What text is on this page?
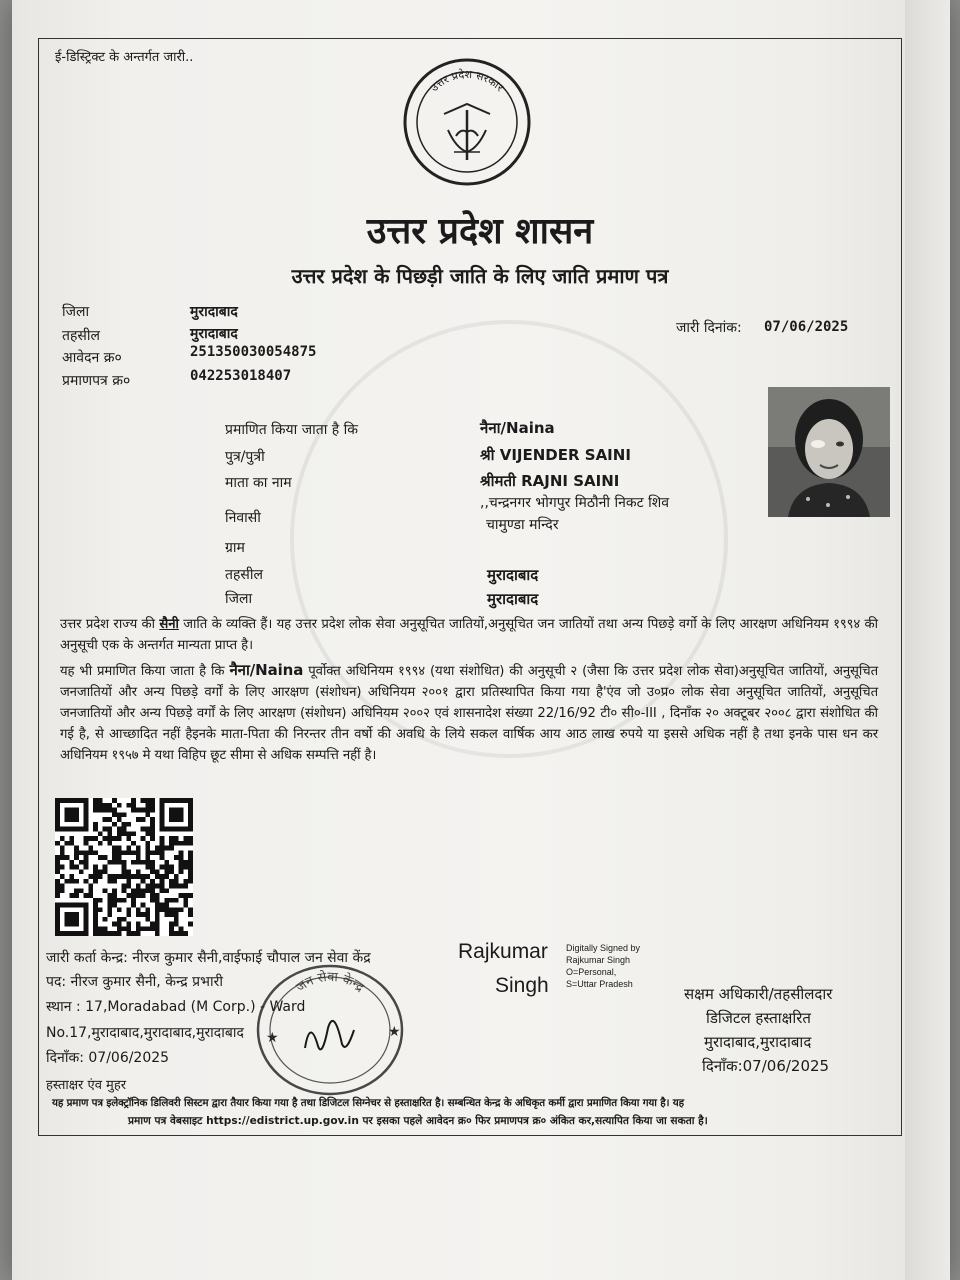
ई-डिस्ट्रिक्ट के अन्तर्गत जारी..
उत्तर प्रदेश सरकार
उत्तर प्रदेश शासन
उत्तर प्रदेश के पिछड़ी जाति के लिए जाति प्रमाण पत्र
जिला	मुरादाबाद
तहसील	मुरादाबाद
आवेदन क्र०	251350030054875
प्रमाणपत्र क्र०	042253018407
जारी दिनांक: 07/06/2025
प्रमाणित किया जाता है कि	नैना/Naina
पुत्र/पुत्री	श्री VIJENDER SAINI
माता का नाम	श्रीमती RAJNI SAINI
निवासी
,,चन्द्रनगर भोगपुर मिठौनी निकट शिव
चामुण्डा मन्दिर
ग्राम
तहसील	मुरादाबाद
जिला	मुरादाबाद
उत्तर प्रदेश राज्य की सैनी जाति के व्यक्ति हैं। यह उत्तर प्रदेश लोक सेवा अनुसूचित जातियों,अनुसूचित जन जातियों तथा अन्य पिछड़े वर्गो के लिए आरक्षण अधिनियम १९९४ की अनुसूची एक के अन्तर्गत मान्यता प्राप्त है।
यह भी प्रमाणित किया जाता है कि नैना/Naina पूर्वोक्त अधिनियम १९९४ (यथा संशोधित) की अनुसूची २ (जैसा कि उत्तर प्रदेश लोक सेवा)अनुसूचित जातियों, अनुसूचित जनजातियों और अन्य पिछड़े वर्गों के लिए आरक्षण (संशोधन) अधिनियम २००१ द्वारा प्रतिस्थापित किया गया है'एंव जो उ०प्र० लोक सेवा अनुसूचित जातियों, अनुसूचित जनजातियों और अन्य पिछड़े वर्गों के लिए आरक्षण (संशोधन) अधिनियम २००२ एवं शासनादेश संख्या 22/16/92 टी० सी०-III , दिनाँक २० अक्टूबर २००८ द्वारा संशोधित की गई है, से आच्छादित नहीं हैइनके माता-पिता की निरन्तर तीन वर्षो की अवधि के लिये सकल वार्षिक आय आठ लाख रुपये या इससे अधिक नहीं है तथा इनके पास धन कर अधिनियम १९५७ मे यथा विहिप छूट सीमा से अधिक सम्पत्ति नहीं है।
जारी कर्ता केन्द्र: नीरज कुमार सैनी,वाईफाई चौपाल जन सेवा केंद्र
पद: नीरज कुमार सैनी, केन्द्र प्रभारी
स्थान : 17,Moradabad (M Corp.) - Ward
No.17,मुरादाबाद,मुरादाबाद,मुरादाबाद
दिनाँक: 07/06/2025
हस्ताक्षर एंव मुहर
जन सेवा केन्द्र
★	★
Rajkumar
Singh
Digitally Signed by
Rajkumar Singh
O=Personal,
S=Uttar Pradesh
सक्षम अधिकारी/तहसीलदार
डिजिटल हस्ताक्षरित
मुरादाबाद,मुरादाबाद
दिनाँक:07/06/2025
यह प्रमाण पत्र इलेक्ट्रॉनिक डिलिवरी सिस्टम द्वारा तैयार किया गया है तथा डिजिटल सिग्नेचर से हस्ताक्षरित है। सम्बन्धित केन्द्र के अधिकृत कर्मी द्वारा प्रमाणित किया गया है। यह
प्रमाण पत्र वेबसाइट https://edistrict.up.gov.in पर इसका पहले आवेदन क्र० फिर प्रमाणपत्र क्र० अंकित कर,सत्यापित किया जा सकता है।
